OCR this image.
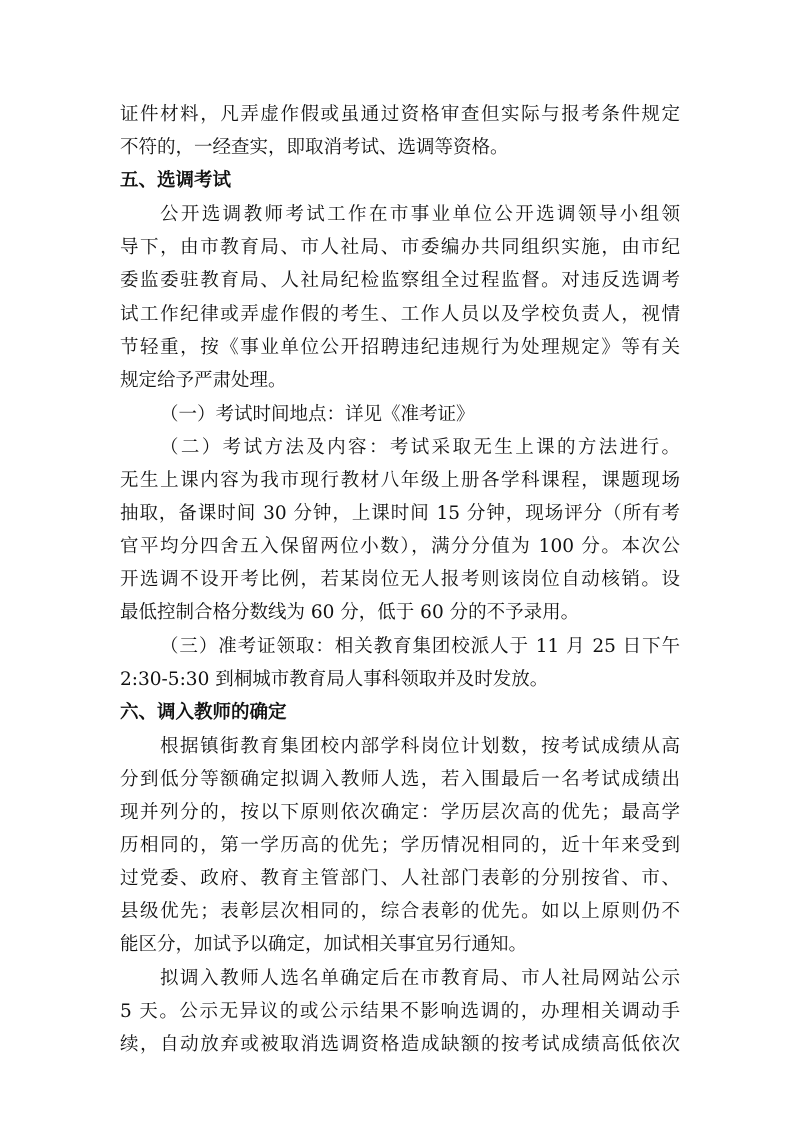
证件材料，凡弄虚作假或虽通过资格审查但实际与报考条件规定
不符的，一经查实，即取消考试、选调等资格。
五、选调考试
公开选调教师考试工作在市事业单位公开选调领导小组领
导下，由市教育局、市人社局、市委编办共同组织实施，由市纪
委监委驻教育局、人社局纪检监察组全过程监督。对违反选调考
试工作纪律或弄虚作假的考生、工作人员以及学校负责人，视情
节轻重，按《事业单位公开招聘违纪违规行为处理规定》等有关
规定给予严肃处理。
（一）考试时间地点：详见《准考证》
（二）考试方法及内容：考试采取无生上课的方法进行。
无生上课内容为我市现行教材八年级上册各学科课程，课题现场
抽取，备课时间 30 分钟，上课时间 15 分钟，现场评分（所有考
官平均分四舍五入保留两位小数），满分分值为 100 分。本次公
开选调不设开考比例，若某岗位无人报考则该岗位自动核销。设
最低控制合格分数线为 60 分，低于 60 分的不予录用。
（三）准考证领取：相关教育集团校派人于 11 月 25 日下午
2:30-5:30 到桐城市教育局人事科领取并及时发放。
六、调入教师的确定
根据镇街教育集团校内部学科岗位计划数，按考试成绩从高
分到低分等额确定拟调入教师人选，若入围最后一名考试成绩出
现并列分的，按以下原则依次确定：学历层次高的优先；最高学
历相同的，第一学历高的优先；学历情况相同的，近十年来受到
过党委、政府、教育主管部门、人社部门表彰的分别按省、市、
县级优先；表彰层次相同的，综合表彰的优先。如以上原则仍不
能区分，加试予以确定，加试相关事宜另行通知。
拟调入教师人选名单确定后在市教育局、市人社局网站公示
5 天。公示无异议的或公示结果不影响选调的，办理相关调动手
续，自动放弃或被取消选调资格造成缺额的按考试成绩高低依次
